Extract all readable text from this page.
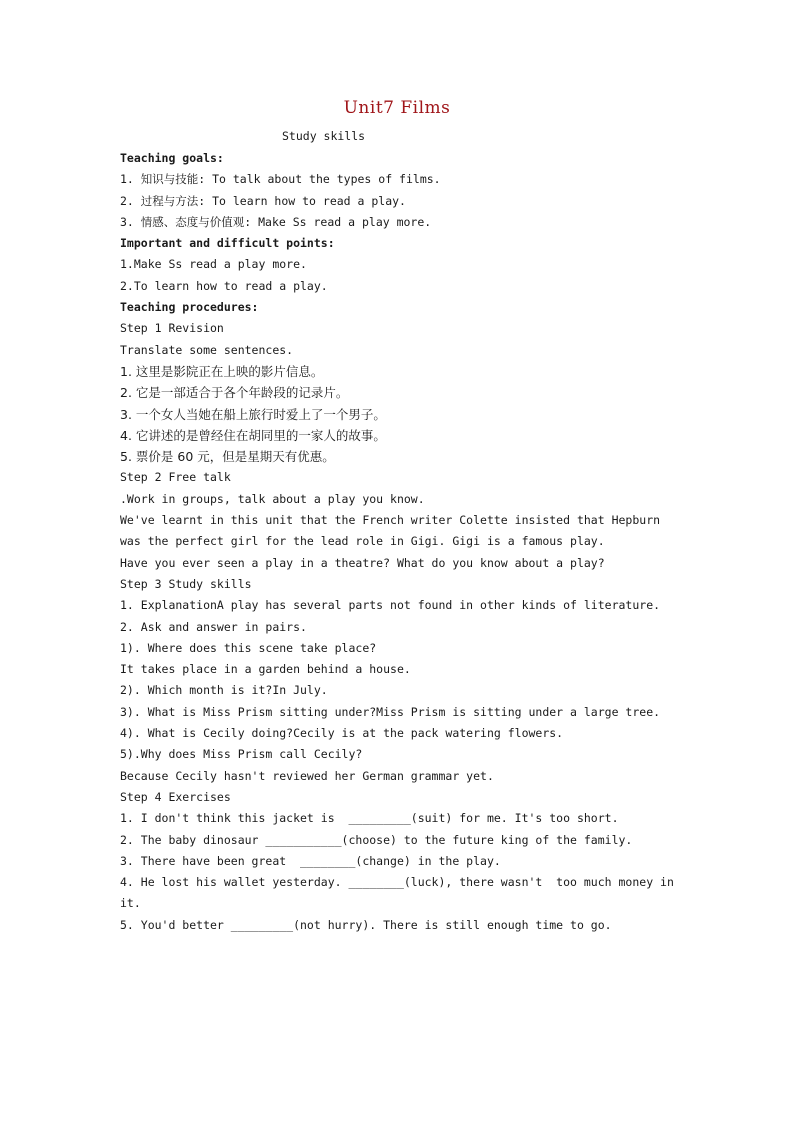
Unit7 Films
Study skills
Teaching goals:
1. 知识与技能: To talk about the types of films.
2. 过程与方法: To learn how to read a play.
3. 情感、态度与价值观: Make Ss read a play more.
Important and difficult points:
1.Make Ss read a play more.
2.To learn how to read a play.
Teaching procedures:
Step 1 Revision
Translate some sentences.
1. 这里是影院正在上映的影片信息。
2. 它是一部适合于各个年龄段的记录片。
3. 一个女人当她在船上旅行时爱上了一个男子。
4. 它讲述的是曾经住在胡同里的一家人的故事。
5. 票价是 60 元，但是星期天有优惠。
Step 2 Free talk
.Work in groups, talk about a play you know.
We've learnt in this unit that the French writer Colette insisted that Hepburn
was the perfect girl for the lead role in Gigi. Gigi is a famous play.
Have you ever seen a play in a theatre? What do you know about a play?
Step 3 Study skills
1. ExplanationA play has several parts not found in other kinds of literature.
2. Ask and answer in pairs.
1). Where does this scene take place?
It takes place in a garden behind a house.
2). Which month is it?In July.
3). What is Miss Prism sitting under?Miss Prism is sitting under a large tree.
4). What is Cecily doing?Cecily is at the pack watering flowers.
5).Why does Miss Prism call Cecily?
Because Cecily hasn't reviewed her German grammar yet.
Step 4 Exercises
1. I don't think this jacket is  _________(suit) for me. It's too short.
2. The baby dinosaur ___________(choose) to the future king of the family.
3. There have been great  ________(change) in the play.
4. He lost his wallet yesterday. ________(luck), there wasn't  too much money in
it.
5. You'd better _________(not hurry). There is still enough time to go.
